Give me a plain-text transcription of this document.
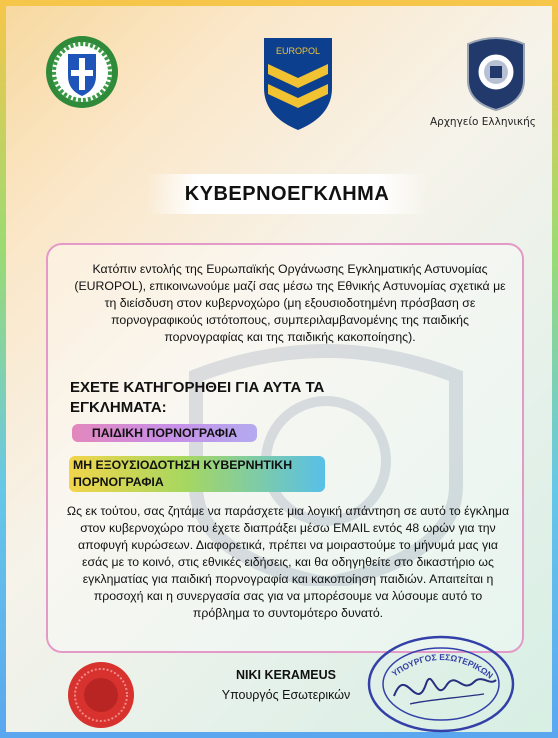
EUROPOL
Αρχηγείο Ελληνικής
ΚΥΒΕΡΝΟΕΓΚΛΗΜΑ
Κατόπιν εντολής της Ευρωπαϊκής Οργάνωσης Εγκληματικής Αστυνομίας (EUROPOL), επικοινωνούμε μαζί σας μέσω της Εθνικής Αστυνομίας σχετικά με τη διείσδυση στον κυβερνοχώρο (μη εξουσιοδοτημένη πρόσβαση σε πορνογραφικούς ιστότοπους, συμπεριλαμβανομένης της παιδικής πορνογραφίας και της παιδικής κακοποίησης).
ΕΧΕΤΕ ΚΑΤΗΓΟΡΗΘΕΙ ΓΙΑ ΑΥΤΑ ΤΑ ΕΓΚΛΗΜΑΤΑ:
ΠΑΙΔΙΚΗ ΠΟΡΝΟΓΡΑΦΙΑ
ΜΗ ΕΞΟΥΣΙΟΔΟΤΗΣΗ ΚΥΒΕΡΝΗΤΙΚΗ ΠΟΡΝΟΓΡΑΦΙΑ
Ως εκ τούτου, σας ζητάμε να παράσχετε μια λογική απάντηση σε αυτό το έγκλημα στον κυβερνοχώρο που έχετε διαπράξει μέσω EMAIL εντός 48 ωρών για την αποφυγή κυρώσεων. Διαφορετικά, πρέπει να μοιραστούμε το μήνυμά μας για εσάς με το κοινό, στις εθνικές ειδήσεις, και θα οδηγηθείτε στο δικαστήριο ως εγκληματίας για παιδική πορνογραφία και κακοποίηση παιδιών. Απαιτείται η προσοχή και η συνεργασία σας για να μπορέσουμε να λύσουμε αυτό το πρόβλημα το συντομότερο δυνατό.
NIKI KERAMEUS
Υπουργός Εσωτερικών
ΥΠΟΥΡΓΟΣ ΕΣΩΤΕΡΙΚΩΝ
